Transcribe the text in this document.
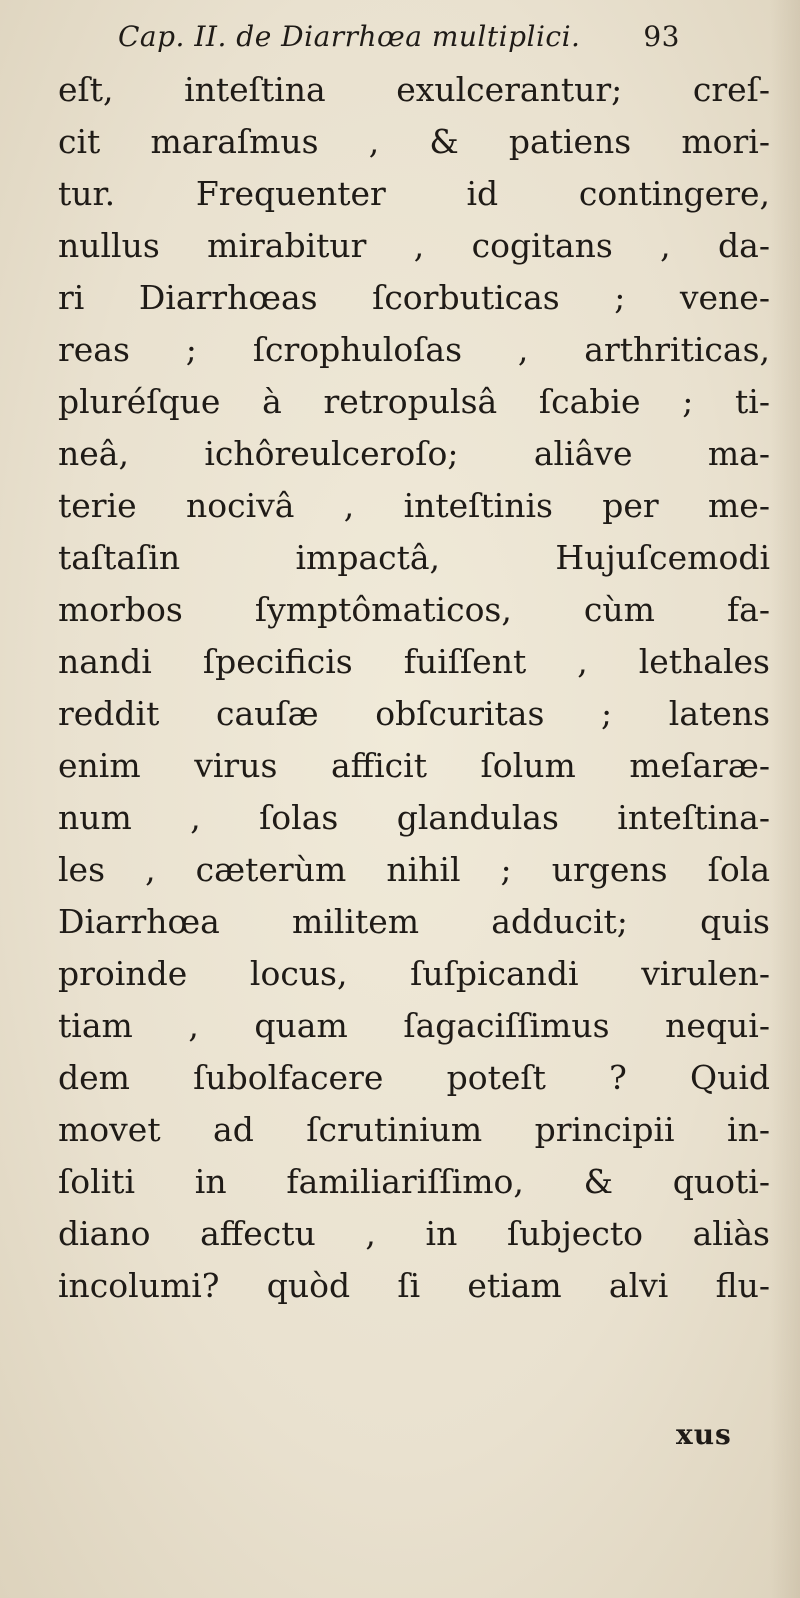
Cap. II. de Diarrhœa multiplici. 93
eſt, inteſtina exulcerantur; creſ-
cit maraſmus , & patiens mori-
tur. Frequenter id contingere,
nullus mirabitur , cogitans , da-
ri Diarrhœas ſcorbuticas ; vene-
reas ; ſcrophuloſas , arthriticas,
pluréſque à retropulsâ ſcabie ; ti-
neâ, ichôreulceroſo; aliâve ma-
terie nocivâ , inteſtinis per me-
taſtaſin impactâ, Hujuſcemodi
morbos ſymptômaticos, cùm fa-
nandi ſpecificis fuiſſent , lethales
reddit cauſæ obſcuritas ; latens
enim virus afficit ſolum meſaræ-
num , ſolas glandulas inteſtina-
les , cæterùm nihil ; urgens ſola
Diarrhœa militem adducit; quis
proinde locus, ſuſpicandi virulen-
tiam , quam ſagaciſſimus nequi-
dem ſubolfacere poteſt ? Quid
movet ad ſcrutinium principii in-
ſoliti in familiariſſimo, & quoti-
diano affectu , in ſubjecto aliàs
incolumi? quòd ſi etiam alvi flu-
xus
